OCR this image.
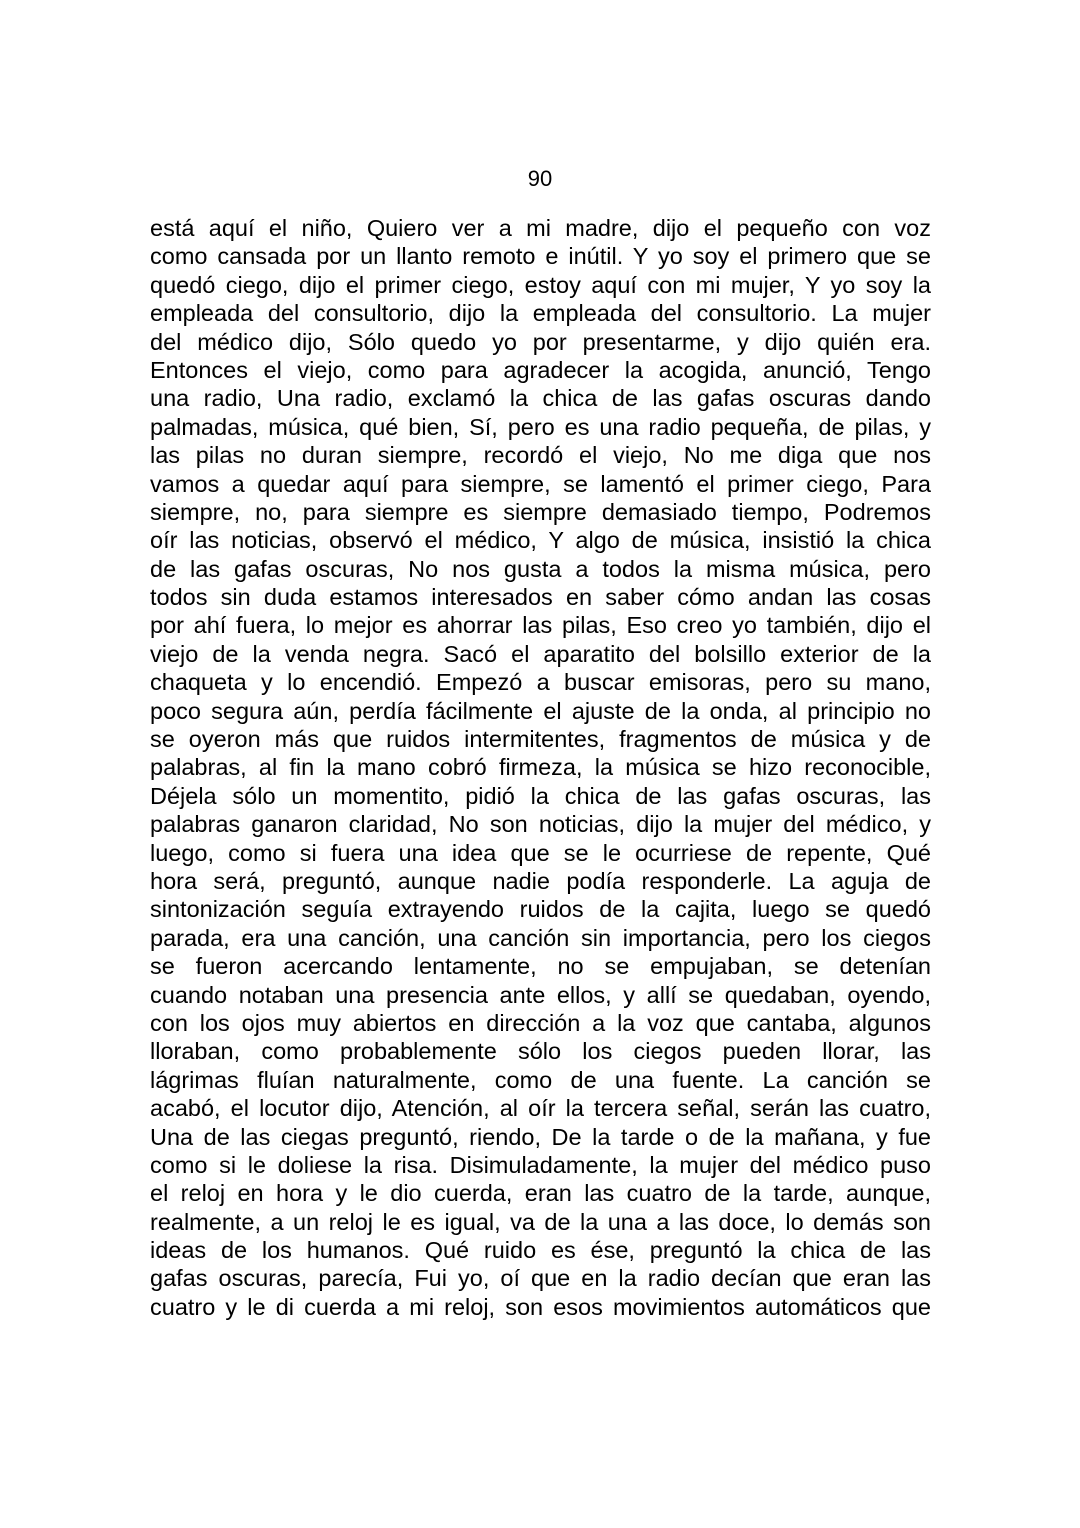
90
está aquí el niño, Quiero ver a mi madre, dijo el pequeño con voz
como cansada por un llanto remoto e inútil. Y yo soy el primero que se
quedó ciego, dijo el primer ciego, estoy aquí con mi mujer, Y yo soy la
empleada del consultorio, dijo la empleada del consultorio. La mujer
del médico dijo, Sólo quedo yo por presentarme, y dijo quién era.
Entonces el viejo, como para agradecer la acogida, anunció, Tengo
una radio, Una radio, exclamó la chica de las gafas oscuras dando
palmadas, música, qué bien, Sí, pero es una radio pequeña, de pilas, y
las pilas no duran siempre, recordó el viejo, No me diga que nos
vamos a quedar aquí para siempre, se lamentó el primer ciego, Para
siempre, no, para siempre es siempre demasiado tiempo, Podremos
oír las noticias, observó el médico, Y algo de música, insistió la chica
de las gafas oscuras, No nos gusta a todos la misma música, pero
todos sin duda estamos interesados en saber cómo andan las cosas
por ahí fuera, lo mejor es ahorrar las pilas, Eso creo yo también, dijo el
viejo de la venda negra. Sacó el aparatito del bolsillo exterior de la
chaqueta y lo encendió. Empezó a buscar emisoras, pero su mano,
poco segura aún, perdía fácilmente el ajuste de la onda, al principio no
se oyeron más que ruidos intermitentes, fragmentos de música y de
palabras, al fin la mano cobró firmeza, la música se hizo reconocible,
Déjela sólo un momentito, pidió la chica de las gafas oscuras, las
palabras ganaron claridad, No son noticias, dijo la mujer del médico, y
luego, como si fuera una idea que se le ocurriese de repente, Qué
hora será, preguntó, aunque nadie podía responderle. La aguja de
sintonización seguía extrayendo ruidos de la cajita, luego se quedó
parada, era una canción, una canción sin importancia, pero los ciegos
se fueron acercando lentamente, no se empujaban, se detenían
cuando notaban una presencia ante ellos, y allí se quedaban, oyendo,
con los ojos muy abiertos en dirección a la voz que cantaba, algunos
lloraban, como probablemente sólo los ciegos pueden llorar, las
lágrimas fluían naturalmente, como de una fuente. La canción se
acabó, el locutor dijo, Atención, al oír la tercera señal, serán las cuatro,
Una de las ciegas preguntó, riendo, De la tarde o de la mañana, y fue
como si le doliese la risa. Disimuladamente, la mujer del médico puso
el reloj en hora y le dio cuerda, eran las cuatro de la tarde, aunque,
realmente, a un reloj le es igual, va de la una a las doce, lo demás son
ideas de los humanos. Qué ruido es ése, preguntó la chica de las
gafas oscuras, parecía, Fui yo, oí que en la radio decían que eran las
cuatro y le di cuerda a mi reloj, son esos movimientos automáticos que
